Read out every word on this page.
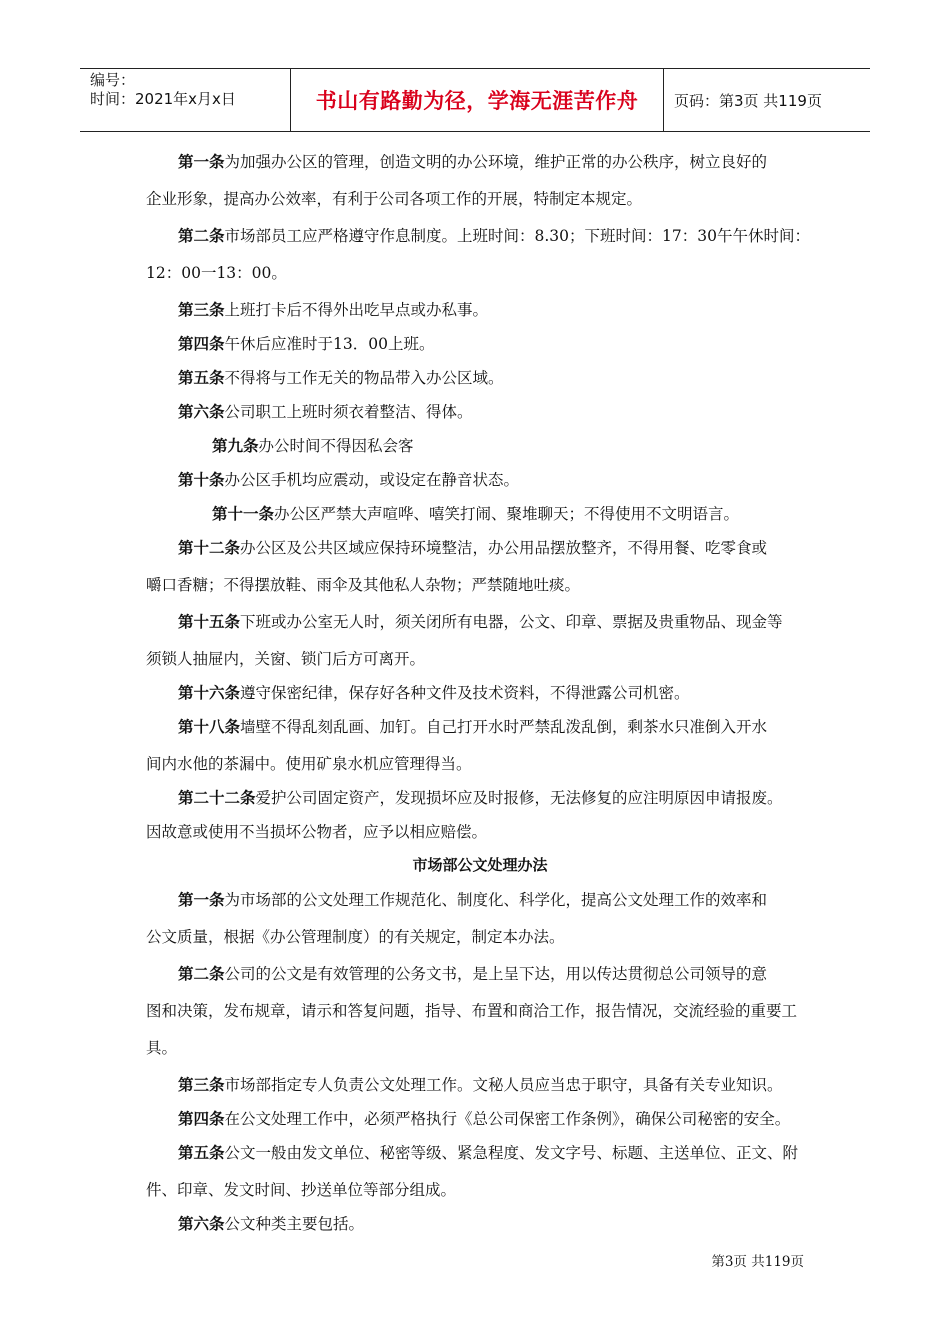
编号：
时间：2021年x月x日	书山有路勤为径，学海无涯苦作舟	页码：第3页 共119页

第一条为加强办公区的管理，创造文明的办公环境，维护正常的办公秩序，树立良好的

企业形象，提高办公效率，有利于公司各项工作的开展，特制定本规定。

第二条市场部员工应严格遵守作息制度。上班时间：8.30；下班时间：17：30午午休时间：

12：00一13：00。

第三条上班打卡后不得外出吃早点或办私事。

第四条午休后应准时于13．00上班。

第五条不得将与工作无关的物品带入办公区域。

第六条公司职工上班时须衣着整洁、得体。

第九条办公时间不得因私会客

第十条办公区手机均应震动，或设定在静音状态。

第十一条办公区严禁大声喧哗、嘻笑打闹、聚堆聊天；不得使用不文明语言。

第十二条办公区及公共区域应保持环境整洁，办公用品摆放整齐，不得用餐、吃零食或

嚼口香糖；不得摆放鞋、雨伞及其他私人杂物；严禁随地吐痰。

第十五条下班或办公室无人时，须关闭所有电器，公文、印章、票据及贵重物品、现金等

须锁人抽屉内，关窗、锁门后方可离开。

第十六条遵守保密纪律，保存好各种文件及技术资料，不得泄露公司机密。

第十八条墙壁不得乱刻乱画、加钉。自己打开水时严禁乱泼乱倒，剩茶水只准倒入开水

间内水他的茶漏中。使用矿泉水机应管理得当。

第二十二条爱护公司固定资产，发现损坏应及时报修，无法修复的应注明原因申请报废。

因故意或使用不当损坏公物者，应予以相应赔偿。

市场部公文处理办法

第一条为市场部的公文处理工作规范化、制度化、科学化，提高公文处理工作的效率和

公文质量，根据《办公管理制度）的有关规定，制定本办法。

第二条公司的公文是有效管理的公务文书，是上呈下达，用以传达贯彻总公司领导的意

图和决策，发布规章，请示和答复问题，指导、布置和商洽工作，报告情况，交流经验的重要工

具。

第三条市场部指定专人负责公文处理工作。文秘人员应当忠于职守，具备有关专业知识。

第四条在公文处理工作中，必须严格执行《总公司保密工作条例》，确保公司秘密的安全。

第五条公文一般由发文单位、秘密等级、紧急程度、发文字号、标题、主送单位、正文、附

件、印章、发文时间、抄送单位等部分组成。

第六条公文种类主要包括。

第3页 共119页
